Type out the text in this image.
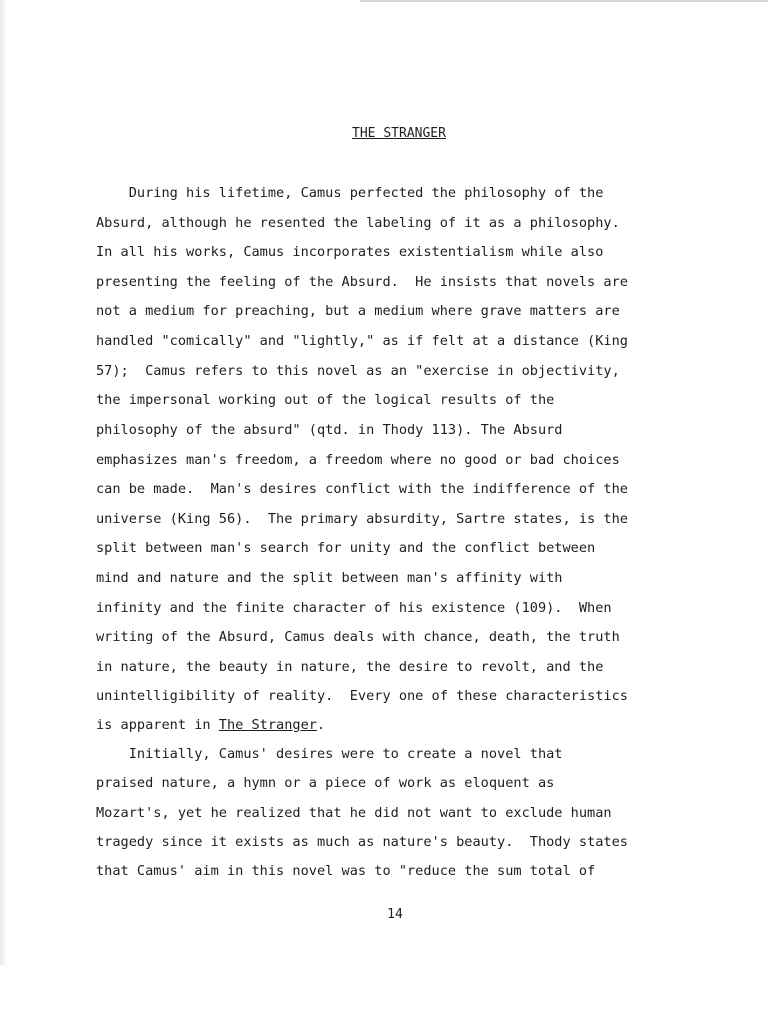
THE STRANGER
During his lifetime, Camus perfected the philosophy of the
Absurd, although he resented the labeling of it as a philosophy.
In all his works, Camus incorporates existentialism while also
presenting the feeling of the Absurd.  He insists that novels are
not a medium for preaching, but a medium where grave matters are
handled "comically" and "lightly," as if felt at a distance (King
57);  Camus refers to this novel as an "exercise in objectivity,
the impersonal working out of the logical results of the
philosophy of the absurd" (qtd. in Thody 113). The Absurd
emphasizes man's freedom, a freedom where no good or bad choices
can be made.  Man's desires conflict with the indifference of the
universe (King 56).  The primary absurdity, Sartre states, is the
split between man's search for unity and the conflict between
mind and nature and the split between man's affinity with
infinity and the finite character of his existence (109).  When
writing of the Absurd, Camus deals with chance, death, the truth
in nature, the beauty in nature, the desire to revolt, and the
unintelligibility of reality.  Every one of these characteristics
is apparent in The Stranger.
Initially, Camus' desires were to create a novel that
praised nature, a hymn or a piece of work as eloquent as
Mozart's, yet he realized that he did not want to exclude human
tragedy since it exists as much as nature's beauty.  Thody states
that Camus' aim in this novel was to "reduce the sum total of
14
